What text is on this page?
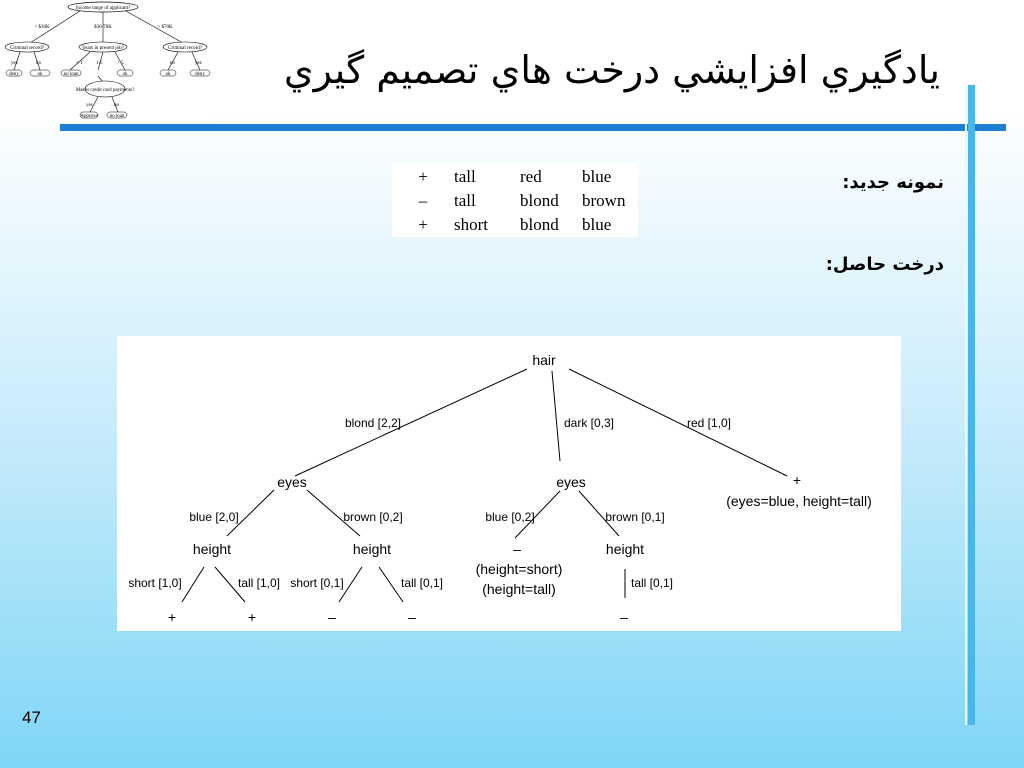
Income range of applicant?
< $30K	$30-70K	> $70K
Criminal record?	Years in present job?	Criminal record?
yes	no	< 1	1-5	> 5	no	yes
deny	ok	no loan	ok	ok	deny
Makes credit card payments?
yes	no
Approve no loan
يادگيري افزايشي درخت هاي تصميم گيري
+	tall	red	blue
–	tall	blond	brown
+	short	blond	blue
نمونه جديد:
درخت حاصل:
hair
eyes	eyes	+
(eyes=blue, height=tall)
height	height	height
–
(height=short)
(height=tall)
+	+	–	–	–
blond [2,2]	dark [0,3]	red [1,0]
blue [2,0]	brown [0,2]	blue [0,2]	brown [0,1]
short [1,0]	tall [1,0] short [0,1]	tall [0,1]	tall [0,1]
47
